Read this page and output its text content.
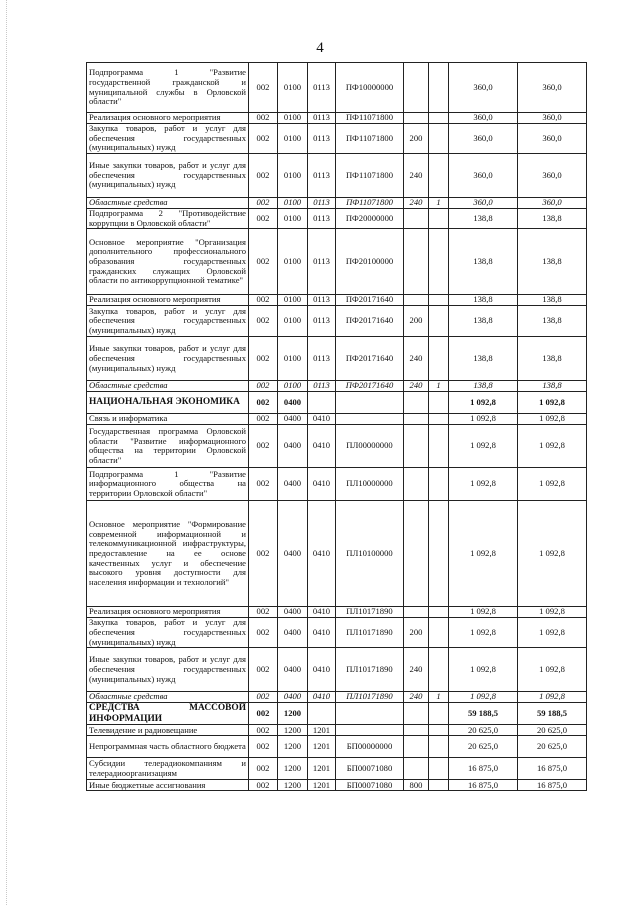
4
Подпрограмма 1 "Развитие государственной гражданской и муниципальной службы в Орловской области"	002	0100	0113	ПФ10000000			360,0	360,0
Реализация основного мероприятия	002	0100	0113	ПФ11071800			360,0	360,0
Закупка товаров, работ и услуг для обеспечения государственных (муниципальных) нужд	002	0100	0113	ПФ11071800	200		360,0	360,0
Иные закупки товаров, работ и услуг для обеспечения государственных (муниципальных) нужд	002	0100	0113	ПФ11071800	240		360,0	360,0
Областные средства	002	0100	0113	ПФ11071800	240	1	360,0	360,0
Подпрограмма 2 "Противодействие коррупции в Орловской области"	002	0100	0113	ПФ20000000			138,8	138,8
Основное мероприятие "Организация дополнительного профессионального образования государственных гражданских служащих Орловской области по антикоррупционной тематике"	002	0100	0113	ПФ20100000			138,8	138,8
Реализация основного мероприятия	002	0100	0113	ПФ20171640			138,8	138,8
Закупка товаров, работ и услуг для обеспечения государственных (муниципальных) нужд	002	0100	0113	ПФ20171640	200		138,8	138,8
Иные закупки товаров, работ и услуг для обеспечения государственных (муниципальных) нужд	002	0100	0113	ПФ20171640	240		138,8	138,8
Областные средства	002	0100	0113	ПФ20171640	240	1	138,8	138,8
НАЦИОНАЛЬНАЯ ЭКОНОМИКА	002	0400					1 092,8	1 092,8
Связь и информатика	002	0400	0410				1 092,8	1 092,8
Государственная программа Орловской области "Развитие информационного общества на территории Орловской области"	002	0400	0410	ПЛ00000000			1 092,8	1 092,8
Подпрограмма 1 "Развитие информационного общества на территории Орловской области"	002	0400	0410	ПЛ10000000			1 092,8	1 092,8
Основное мероприятие "Формирование современной информационной и телекоммуникационной инфраструктуры, предоставление на ее основе качественных услуг и обеспечение высокого уровня доступности для населения информации и технологий"	002	0400	0410	ПЛ10100000			1 092,8	1 092,8
Реализация основного мероприятия	002	0400	0410	ПЛ10171890			1 092,8	1 092,8
Закупка товаров, работ и услуг для обеспечения государственных (муниципальных) нужд	002	0400	0410	ПЛ10171890	200		1 092,8	1 092,8
Иные закупки товаров, работ и услуг для обеспечения государственных (муниципальных) нужд	002	0400	0410	ПЛ10171890	240		1 092,8	1 092,8
Областные средства	002	0400	0410	ПЛ10171890	240	1	1 092,8	1 092,8
СРЕДСТВА МАССОВОЙ ИНФОРМАЦИИ	002	1200					59 188,5	59 188,5
Телевидение и радиовещание	002	1200	1201				20 625,0	20 625,0
Непрограммная часть областного бюджета	002	1200	1201	БП00000000			20 625,0	20 625,0
Субсидии телерадиокомпаниям и телерадиоорганизациям	002	1200	1201	БП00071080			16 875,0	16 875,0
Иные бюджетные ассигнования	002	1200	1201	БП00071080	800		16 875,0	16 875,0
